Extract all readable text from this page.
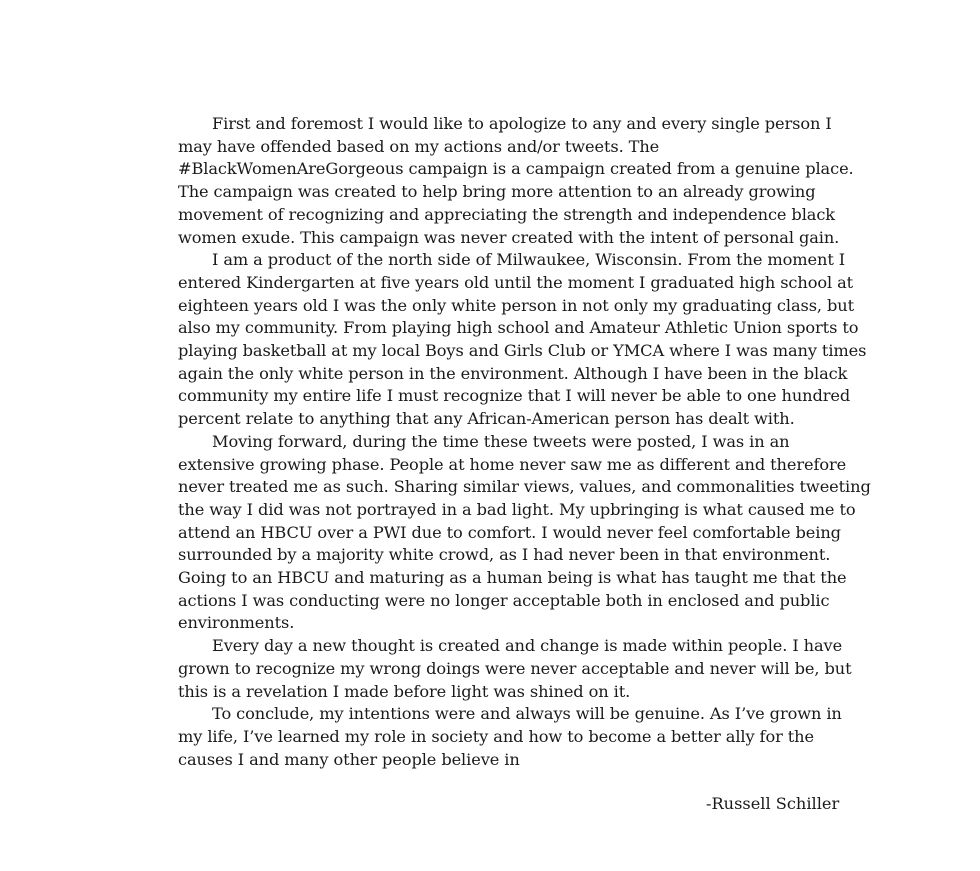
First and foremost I would like to apologize to any and every single person I
may have offended based on my actions and/or tweets. The
#BlackWomenAreGorgeous campaign is a campaign created from a genuine place.
The campaign was created to help bring more attention to an already growing
movement of recognizing and appreciating the strength and independence black
women exude. This campaign was never created with the intent of personal gain.
I am a product of the north side of Milwaukee, Wisconsin. From the moment I
entered Kindergarten at five years old until the moment I graduated high school at
eighteen years old I was the only white person in not only my graduating class, but
also my community. From playing high school and Amateur Athletic Union sports to
playing basketball at my local Boys and Girls Club or YMCA where I was many times
again the only white person in the environment. Although I have been in the black
community my entire life I must recognize that I will never be able to one hundred
percent relate to anything that any African-American person has dealt with.
Moving forward, during the time these tweets were posted, I was in an
extensive growing phase. People at home never saw me as different and therefore
never treated me as such. Sharing similar views, values, and commonalities tweeting
the way I did was not portrayed in a bad light. My upbringing is what caused me to
attend an HBCU over a PWI due to comfort. I would never feel comfortable being
surrounded by a majority white crowd, as I had never been in that environment.
Going to an HBCU and maturing as a human being is what has taught me that the
actions I was conducting were no longer acceptable both in enclosed and public
environments.
Every day a new thought is created and change is made within people. I have
grown to recognize my wrong doings were never acceptable and never will be, but
this is a revelation I made before light was shined on it.
To conclude, my intentions were and always will be genuine. As I’ve grown in
my life, I’ve learned my role in society and how to become a better ally for the
causes I and many other people believe in
-Russell Schiller
